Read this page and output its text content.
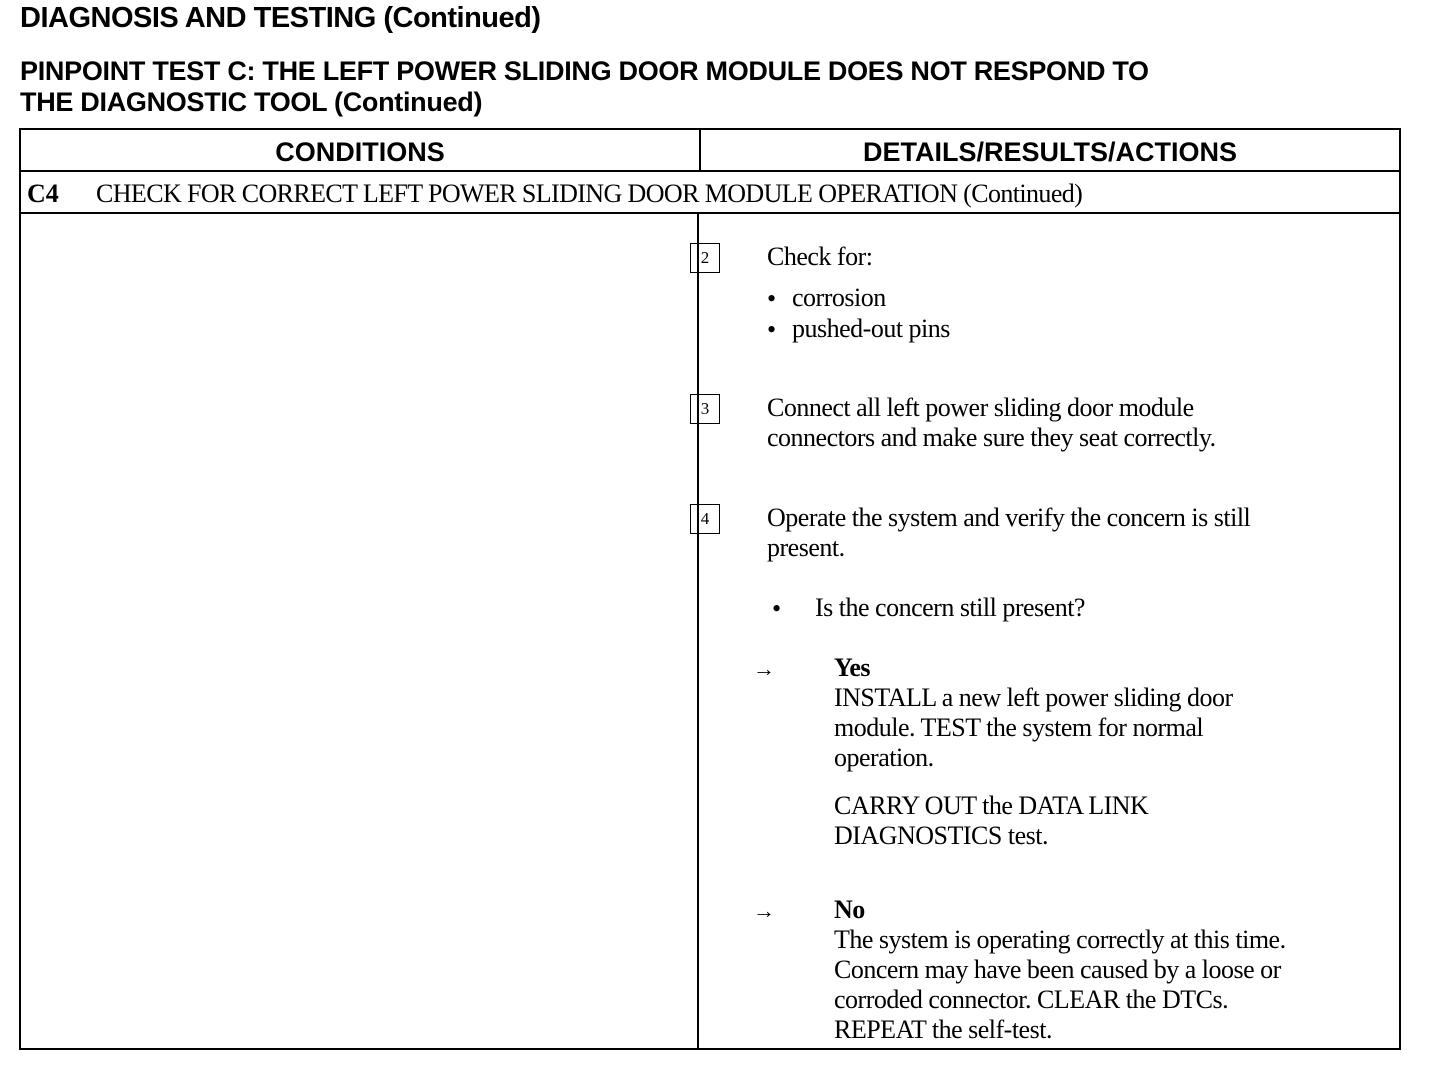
DIAGNOSIS AND TESTING (Continued)
PINPOINT TEST C: THE LEFT POWER SLIDING DOOR MODULE DOES NOT RESPOND TO
THE DIAGNOSTIC TOOL (Continued)
CONDITIONS	DETAILS/RESULTS/ACTIONS
C4 CHECK FOR CORRECT LEFT POWER SLIDING DOOR MODULE OPERATION (Continued)
2	Check for:
• corrosion
• pushed-out pins
3	Connect all left power sliding door module
connectors and make sure they seat correctly.
4	Operate the system and verify the concern is still
present.
• Is the concern still present?
→ Yes
INSTALL a new left power sliding door
module. TEST the system for normal
operation.
CARRY OUT the DATA LINK
DIAGNOSTICS test.
→ No
The system is operating correctly at this time.
Concern may have been caused by a loose or
corroded connector. CLEAR the DTCs.
REPEAT the self-test.
